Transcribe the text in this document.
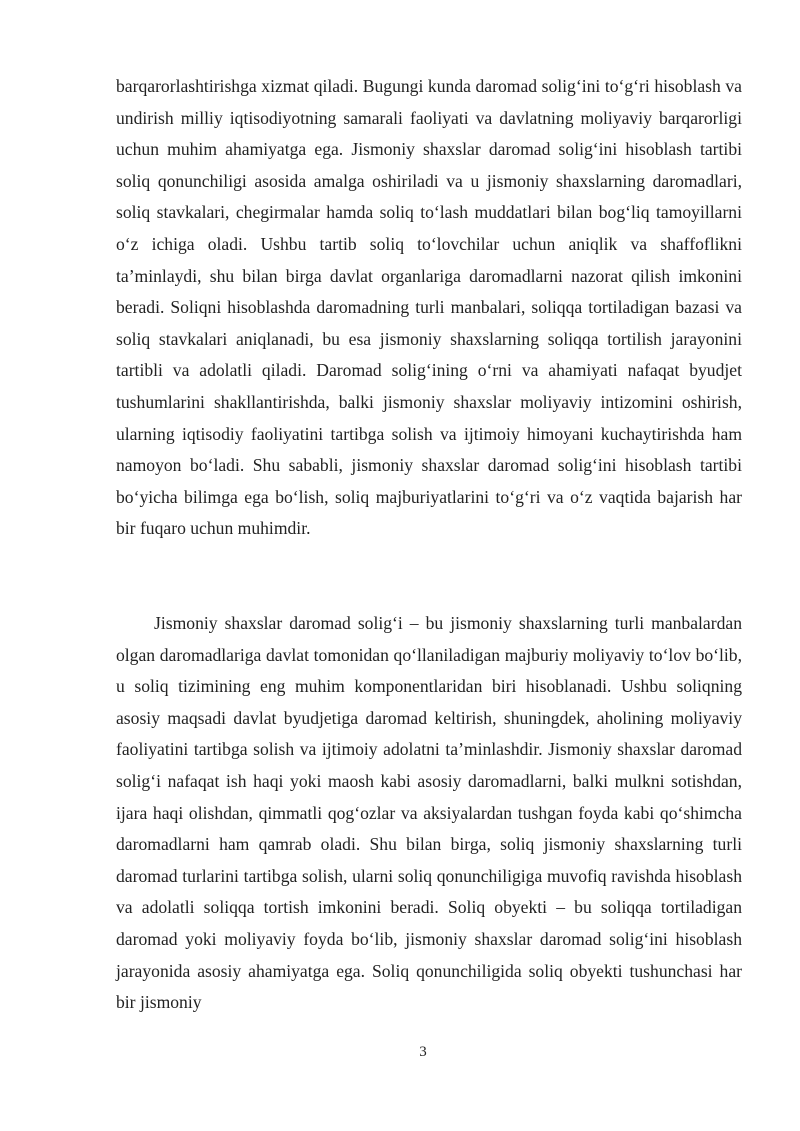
barqarorlashtirishga xizmat qiladi. Bugungi kunda daromad solig‘ini to‘g‘ri hisoblash va undirish milliy iqtisodiyotning samarali faoliyati va davlatning moliyaviy barqarorligi uchun muhim ahamiyatga ega. Jismoniy shaxslar daromad solig‘ini hisoblash tartibi soliq qonunchiligi asosida amalga oshiriladi va u jismoniy shaxslarning daromadlari, soliq stavkalari, chegirmalar hamda soliq to‘lash muddatlari bilan bog‘liq tamoyillarni o‘z ichiga oladi. Ushbu tartib soliq to‘lovchilar uchun aniqlik va shaffoflikni ta’minlaydi, shu bilan birga davlat organlariga daromadlarni nazorat qilish imkonini beradi. Soliqni hisoblashda daromadning turli manbalari, soliqqa tortiladigan bazasi va soliq stavkalari aniqlanadi, bu esa jismoniy shaxslarning soliqqa tortilish jarayonini tartibli va adolatli qiladi. Daromad solig‘ining o‘rni va ahamiyati nafaqat byudjet tushumlarini shakllantirishda, balki jismoniy shaxslar moliyaviy intizomini oshirish, ularning iqtisodiy faoliyatini tartibga solish va ijtimoiy himoyani kuchaytirishda ham namoyon bo‘ladi. Shu sababli, jismoniy shaxslar daromad solig‘ini hisoblash tartibi bo‘yicha bilimga ega bo‘lish, soliq majburiyatlarini to‘g‘ri va o‘z vaqtida bajarish har bir fuqaro uchun muhimdir.
Jismoniy shaxslar daromad solig‘i – bu jismoniy shaxslarning turli manbalardan olgan daromadlariga davlat tomonidan qo‘llaniladigan majburiy moliyaviy to‘lov bo‘lib, u soliq tizimining eng muhim komponentlaridan biri hisoblanadi. Ushbu soliqning asosiy maqsadi davlat byudjetiga daromad keltirish, shuningdek, aholining moliyaviy faoliyatini tartibga solish va ijtimoiy adolatni ta’minlashdir. Jismoniy shaxslar daromad solig‘i nafaqat ish haqi yoki maosh kabi asosiy daromadlarni, balki mulkni sotishdan, ijara haqi olishdan, qimmatli qog‘ozlar va aksiyalardan tushgan foyda kabi qo‘shimcha daromadlarni ham qamrab oladi. Shu bilan birga, soliq jismoniy shaxslarning turli daromad turlarini tartibga solish, ularni soliq qonunchiligiga muvofiq ravishda hisoblash va adolatli soliqqa tortish imkonini beradi. Soliq obyekti – bu soliqqa tortiladigan daromad yoki moliyaviy foyda bo‘lib, jismoniy shaxslar daromad solig‘ini hisoblash jarayonida asosiy ahamiyatga ega. Soliq qonunchiligida soliq obyekti tushunchasi har bir jismoniy
3
